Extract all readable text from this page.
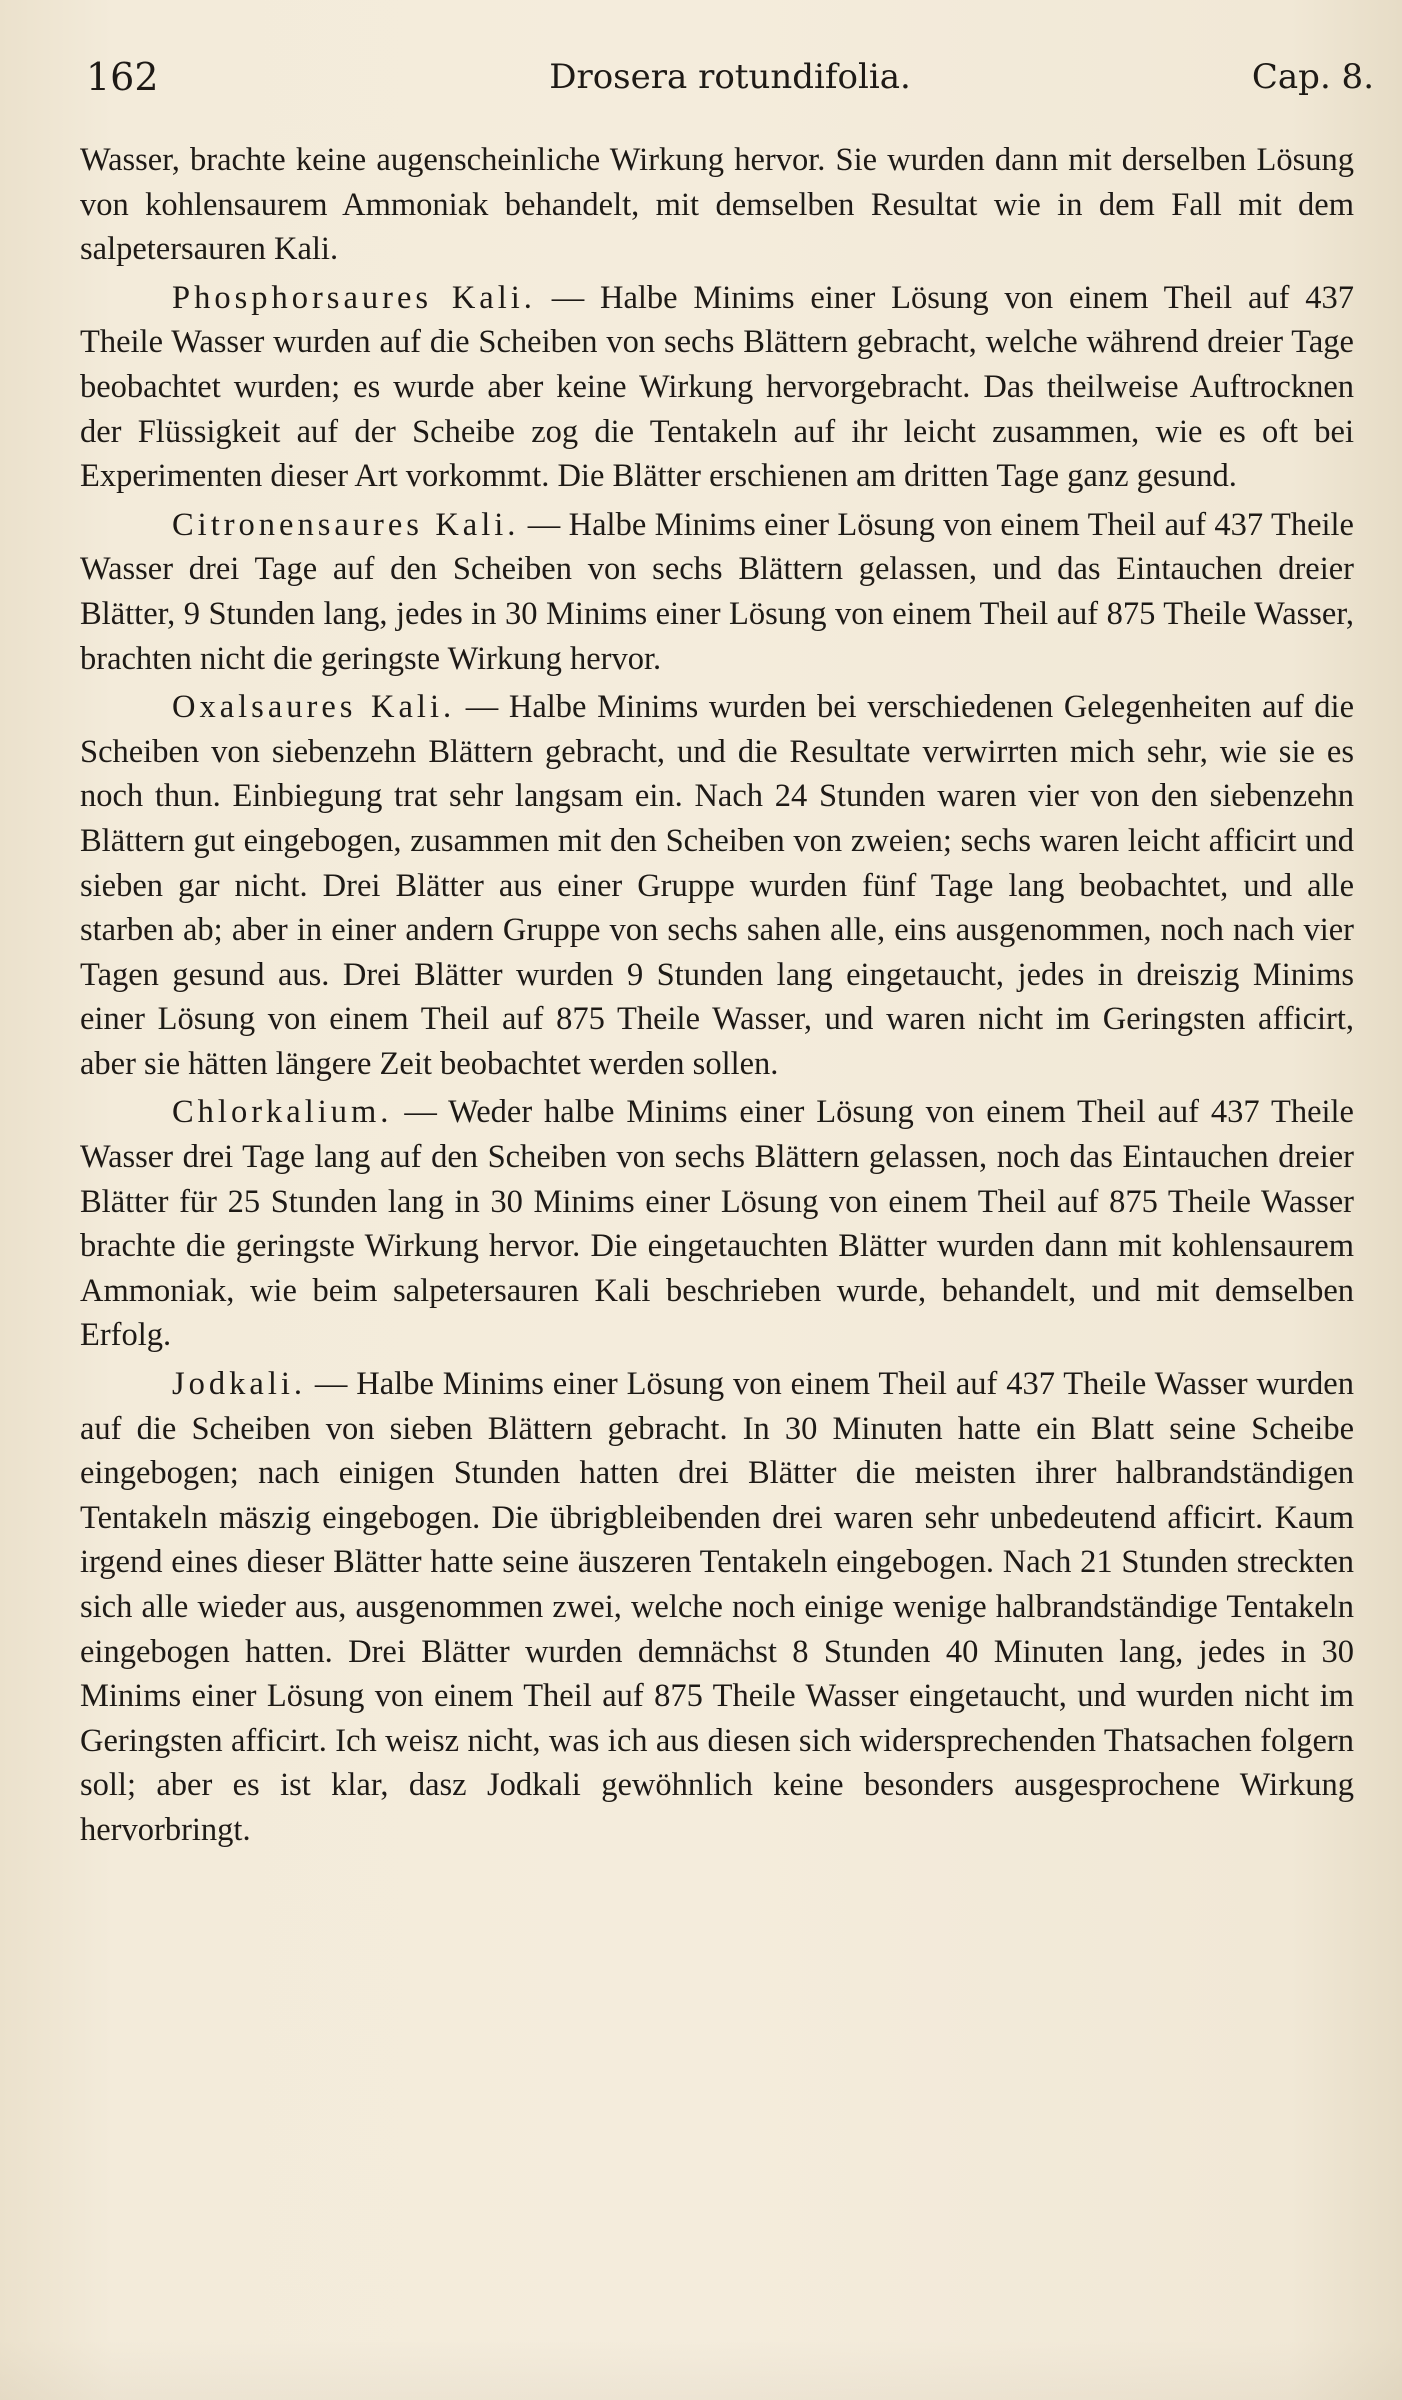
162	Drosera rotundifolia.	Cap. 8.

Wasser, brachte keine augenscheinliche Wirkung hervor. Sie wurden dann mit derselben Lösung von kohlensaurem Ammoniak behandelt, mit demselben Resultat wie in dem Fall mit dem salpetersauren Kali.

Phosphorsaures Kali. — Halbe Minims einer Lösung von einem Theil auf 437 Theile Wasser wurden auf die Scheiben von sechs Blättern gebracht, welche während dreier Tage beobachtet wurden; es wurde aber keine Wirkung hervorgebracht. Das theilweise Auftrocknen der Flüssigkeit auf der Scheibe zog die Tentakeln auf ihr leicht zusammen, wie es oft bei Experimenten dieser Art vorkommt. Die Blätter erschienen am dritten Tage ganz gesund.

Citronensaures Kali. — Halbe Minims einer Lösung von einem Theil auf 437 Theile Wasser drei Tage auf den Scheiben von sechs Blättern gelassen, und das Eintauchen dreier Blätter, 9 Stunden lang, jedes in 30 Minims einer Lösung von einem Theil auf 875 Theile Wasser, brachten nicht die geringste Wirkung hervor.

Oxalsaures Kali. — Halbe Minims wurden bei verschiedenen Gelegenheiten auf die Scheiben von siebenzehn Blättern gebracht, und die Resultate verwirrten mich sehr, wie sie es noch thun. Einbiegung trat sehr langsam ein. Nach 24 Stunden waren vier von den siebenzehn Blättern gut eingebogen, zusammen mit den Scheiben von zweien; sechs waren leicht afficirt und sieben gar nicht. Drei Blätter aus einer Gruppe wurden fünf Tage lang beobachtet, und alle starben ab; aber in einer andern Gruppe von sechs sahen alle, eins ausgenommen, noch nach vier Tagen gesund aus. Drei Blätter wurden 9 Stunden lang eingetaucht, jedes in dreiszig Minims einer Lösung von einem Theil auf 875 Theile Wasser, und waren nicht im Geringsten afficirt, aber sie hätten längere Zeit beobachtet werden sollen.

Chlorkalium. — Weder halbe Minims einer Lösung von einem Theil auf 437 Theile Wasser drei Tage lang auf den Scheiben von sechs Blättern gelassen, noch das Eintauchen dreier Blätter für 25 Stunden lang in 30 Minims einer Lösung von einem Theil auf 875 Theile Wasser brachte die geringste Wirkung hervor. Die eingetauchten Blätter wurden dann mit kohlensaurem Ammoniak, wie beim salpetersauren Kali beschrieben wurde, behandelt, und mit demselben Erfolg.

Jodkali. — Halbe Minims einer Lösung von einem Theil auf 437 Theile Wasser wurden auf die Scheiben von sieben Blättern gebracht. In 30 Minuten hatte ein Blatt seine Scheibe eingebogen; nach einigen Stunden hatten drei Blätter die meisten ihrer halbrandständigen Tentakeln mäszig eingebogen. Die übrigbleibenden drei waren sehr unbedeutend afficirt. Kaum irgend eines dieser Blätter hatte seine äuszeren Tentakeln eingebogen. Nach 21 Stunden streckten sich alle wieder aus, ausgenommen zwei, welche noch einige wenige halbrandständige Tentakeln eingebogen hatten. Drei Blätter wurden demnächst 8 Stunden 40 Minuten lang, jedes in 30 Minims einer Lösung von einem Theil auf 875 Theile Wasser eingetaucht, und wurden nicht im Geringsten afficirt. Ich weisz nicht, was ich aus diesen sich widersprechenden Thatsachen folgern soll; aber es ist klar, dasz Jodkali gewöhnlich keine besonders ausgesprochene Wirkung hervorbringt.
